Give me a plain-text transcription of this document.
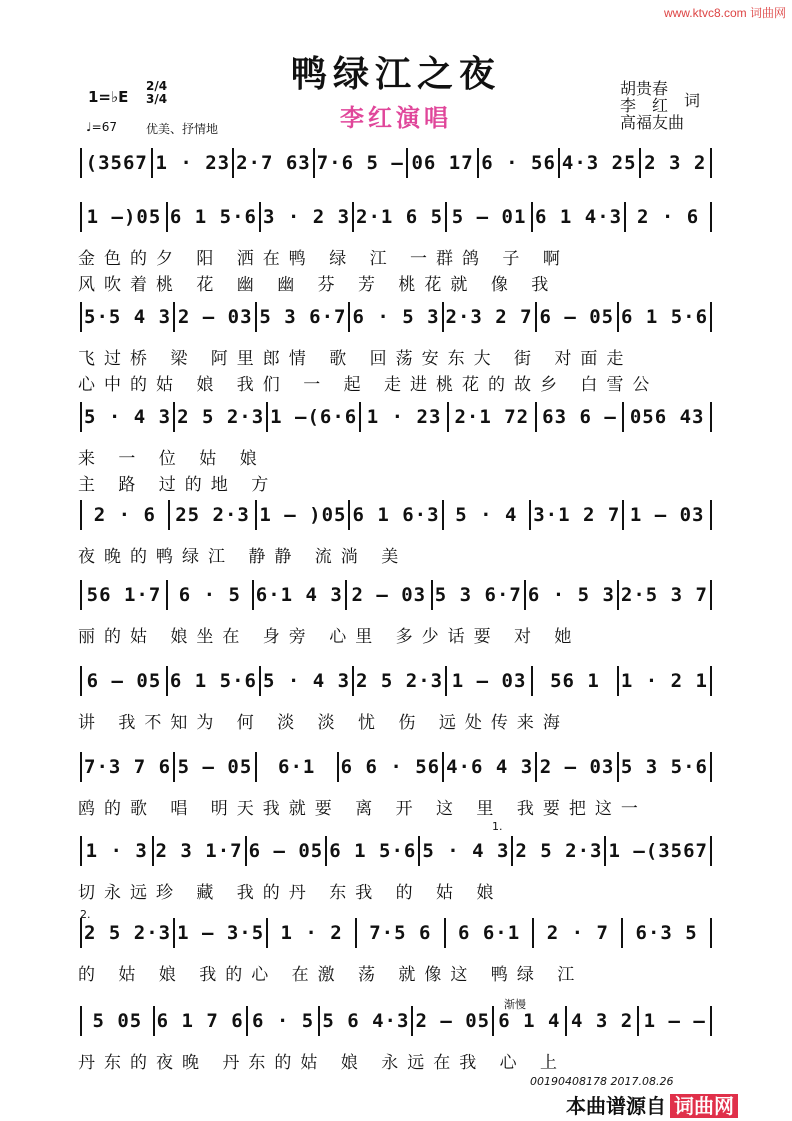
www.ktvc8.com 词曲网
鸭绿江之夜
李红演唱
1=♭E
2/4
3/4
♩=67 优美、抒情地
胡贵春
李　红
高福友曲
词
(3567 1 · 23 2·7 63 7·6 5 – 06 17 6 · 56 4·3 25 2 3 2
1 –)05 6 1 5·6 3 · 2 3 2·1 6 5 5 – 01 6 1 4·3 2 · 6
金色的夕 阳 洒在鸭 绿 江 一群鸽 子 啊
风吹着桃 花 幽 幽 芬 芳 桃花就 像 我
5·5 4 3 2 – 03 5 3 6·7 6 · 5 3 2·3 2 7 6 – 05 6 1 5·6
飞过桥 梁 阿里郎情 歌 回荡安东大 街 对面走
心中的姑 娘 我们 一 起 走进桃花的故乡 白雪公
5 · 4 3 2 5 2·3 1 –(6·6 1 · 23 2·1 72 63 6 – 056 43
来 一 位 姑 娘
主 路 过的地 方
2 · 6	25 2·3 1 – )05 6 1 6·3 5 · 4 3·1 2 7 1 – 03
夜晚的鸭绿江 静静 流淌 美
56 1·7 6 · 5 6·1 4 3 2 – 03 5 3 6·7 6 · 5 3 2·5 3 7
丽的姑 娘坐在 身旁 心里 多少话要 对 她
6 – 05 6 1 5·6 5 · 4 3 2 5 2·3 1 – 03	56 1	1 · 2 1
讲 我不知为 何 淡 淡 忧 伤 远处传来海
7·3 7 6 5 – 05	6·1	6 6 · 56 4·6 4 3 2 – 03 5 3 5·6
鸥的歌 唱 明天我就要 离 开 这 里 我要把这一
1 · 3 2 3 1·7 6 – 05 6 1 5·6 5 · 4 3 2 5 2·3 1 –(3567
切永远珍 藏 我的丹 东我 的 姑 娘
2 5 2·3 1 – 3·5 1 · 2	7·5 6	6 6·1	2 · 7	6·3 5
的 姑 娘 我的心 在激 荡 就像这 鸭绿 江
5 05 6 1 7 6 6 · 5 5 6 4·3 2 – 05 6 1 4 4 3 2 1 – –
丹东的夜晚 丹东的姑 娘 永远在我 心 上
1.
2.
渐慢
00190408178 2017.08.26
本曲谱源自 词曲网
